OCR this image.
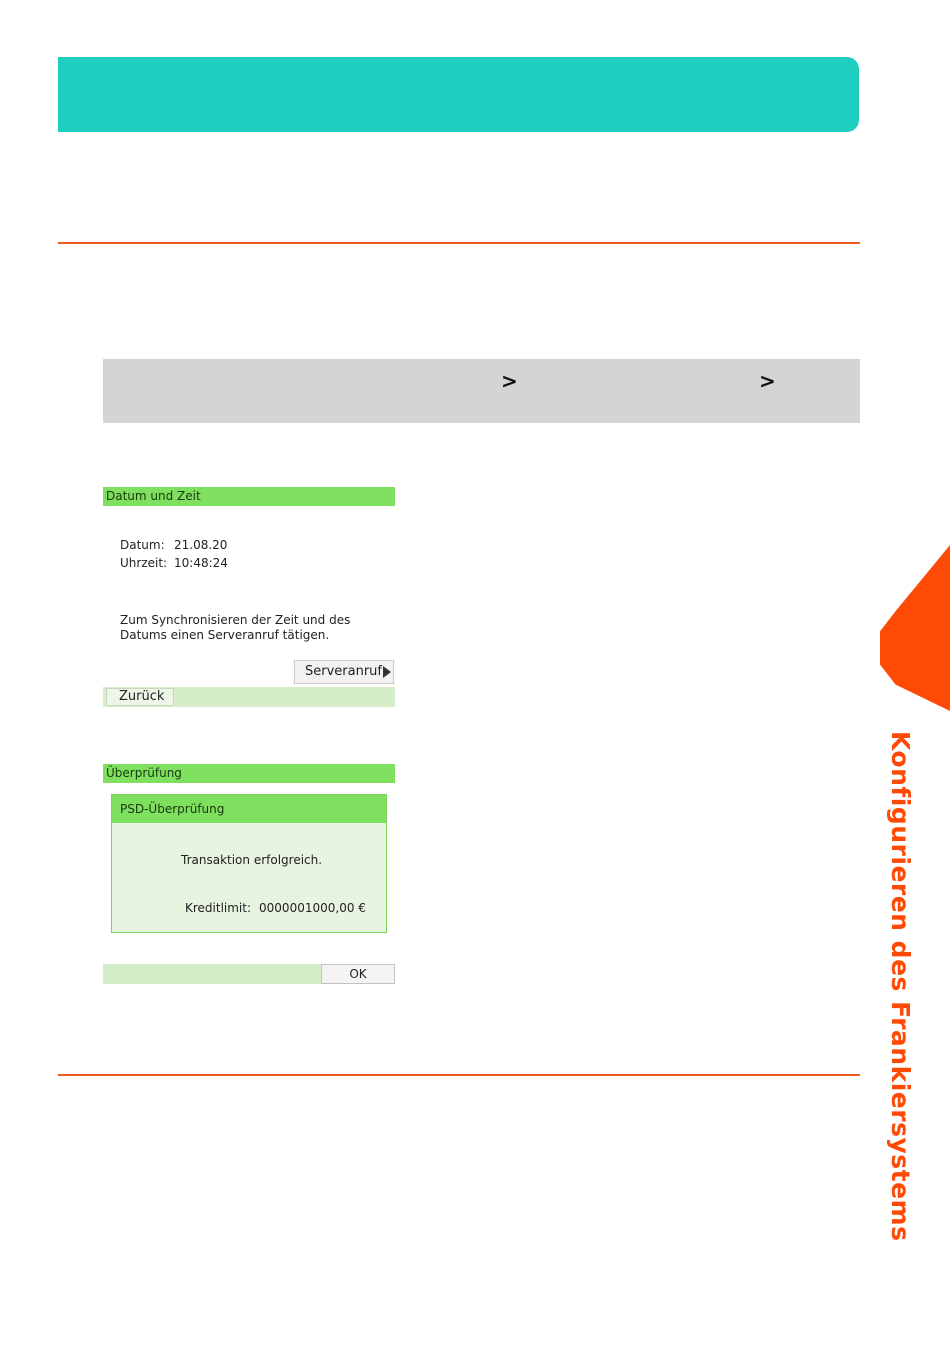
>	>
Datum und Zeit
Datum: 21.08.20
Uhrzeit: 10:48:24
Zum Synchronisieren der Zeit und des Datums einen Serveranruf tätigen.
Serveranruf
Zurück
Überprüfung
PSD-Überprüfung
Transaktion erfolgreich.
Kreditlimit: 0000001000,00 €
OK	Konfigurieren des Frankiersystems
